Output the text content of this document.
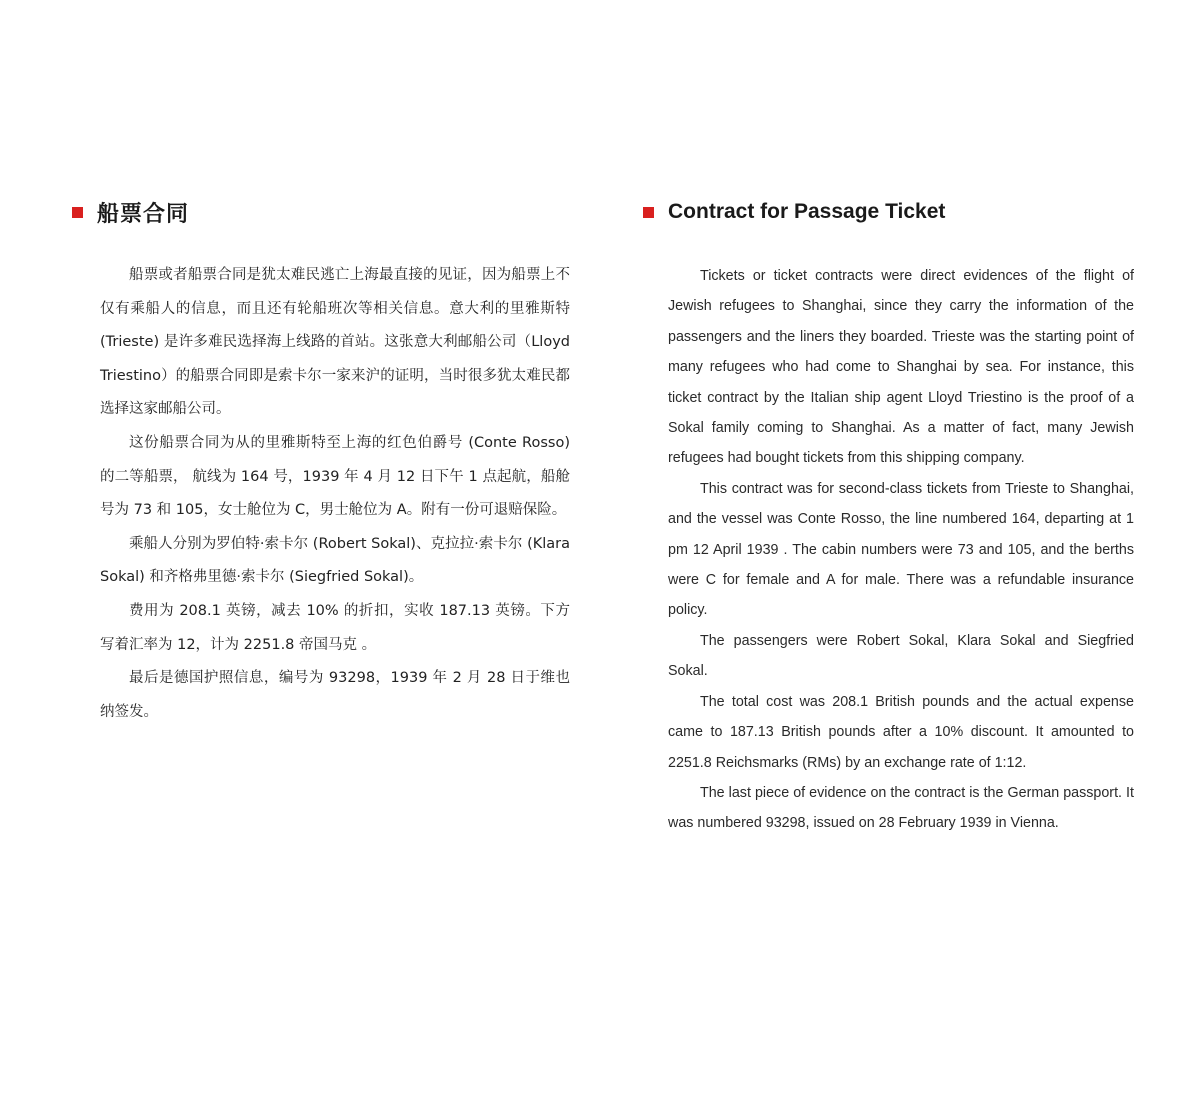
船票合同

船票或者船票合同是犹太难民逃亡上海最直接的见证，因为船票上不仅有乘船人的信息，而且还有轮船班次等相关信息。意大利的里雅斯特 (Trieste) 是许多难民选择海上线路的首站。这张意大利邮船公司（Lloyd Triestino）的船票合同即是索卡尔一家来沪的证明，当时很多犹太难民都选择这家邮船公司。

这份船票合同为从的里雅斯特至上海的红色伯爵号 (Conte Rosso) 的二等船票， 航线为 164 号，1939 年 4 月 12 日下午 1 点起航，船舱号为 73 和 105，女士舱位为 C，男士舱位为 A。附有一份可退赔保险。

乘船人分别为罗伯特·索卡尔 (Robert Sokal)、克拉拉·索卡尔 (Klara Sokal) 和齐格弗里德·索卡尔 (Siegfried Sokal)。

费用为 208.1 英镑，减去 10% 的折扣，实收 187.13 英镑。下方写着汇率为 12，计为 2251.8 帝国马克 。

最后是德国护照信息，编号为 93298，1939 年 2 月 28 日于维也纳签发。

Contract for Passage Ticket

Tickets or ticket contracts were direct evidences of the flight of Jewish refugees to Shanghai, since they carry the information of the passengers and the liners they boarded. Trieste was the starting point of many refugees who had come to Shanghai by sea. For instance, this ticket contract by the Italian ship agent Lloyd Triestino is the proof of a Sokal family coming to Shanghai. As a matter of fact, many Jewish refugees had bought tickets from this shipping company.

This contract was for second-class tickets from Trieste to Shanghai, and the vessel was Conte Rosso, the line numbered 164, departing at 1 pm 12 April 1939 . The cabin numbers were 73 and 105, and the berths were C for female and A for male. There was a refundable insurance policy.

The passengers were Robert Sokal, Klara Sokal and Siegfried Sokal.

The total cost was 208.1 British pounds and the actual expense came to 187.13 British pounds after a 10% discount. It amounted to 2251.8 Reichsmarks (RMs) by an exchange rate of 1:12.

The last piece of evidence on the contract is the German passport. It was numbered 93298, issued on 28 February 1939 in Vienna.
